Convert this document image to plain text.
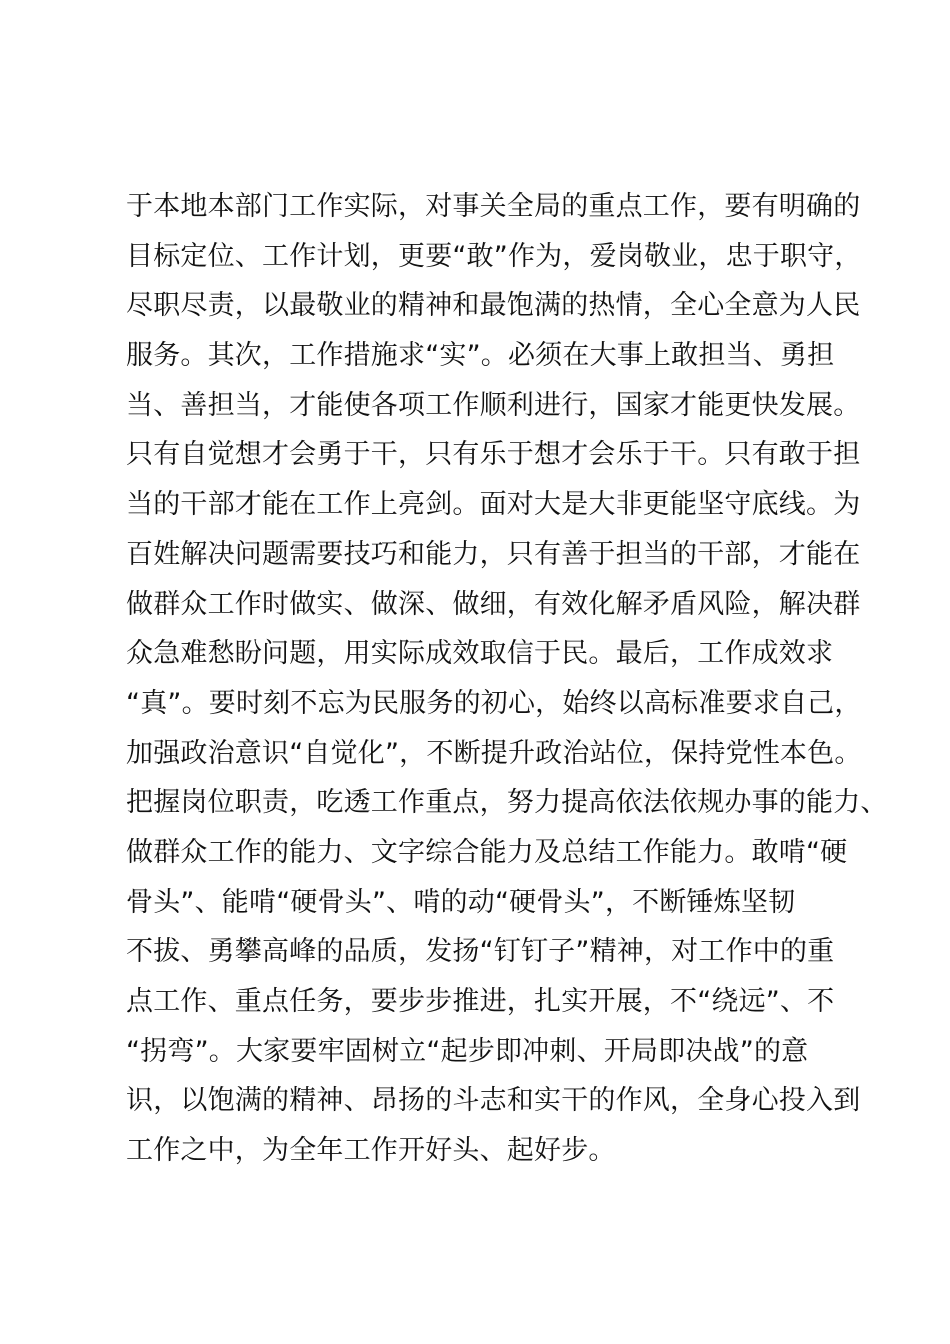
于本地本部门工作实际，对事关全局的重点工作，要有明确的
目标定位、工作计划，更要“敢”作为，爱岗敬业，忠于职守，
尽职尽责，以最敬业的精神和最饱满的热情，全心全意为人民
服务。其次，工作措施求“实”。必须在大事上敢担当、勇担
当、善担当，才能使各项工作顺利进行，国家才能更快发展。
只有自觉想才会勇于干，只有乐于想才会乐于干。只有敢于担
当的干部才能在工作上亮剑。面对大是大非更能坚守底线。为
百姓解决问题需要技巧和能力，只有善于担当的干部，才能在
做群众工作时做实、做深、做细，有效化解矛盾风险，解决群
众急难愁盼问题，用实际成效取信于民。最后，工作成效求
“真”。要时刻不忘为民服务的初心，始终以高标准要求自己，
加强政治意识“自觉化”，不断提升政治站位，保持党性本色。
把握岗位职责，吃透工作重点，努力提高依法依规办事的能力、
做群众工作的能力、文字综合能力及总结工作能力。敢啃“硬
骨头”、能啃“硬骨头”、啃的动“硬骨头”，不断锤炼坚韧
不拔、勇攀高峰的品质，发扬“钉钉子”精神，对工作中的重
点工作、重点任务，要步步推进，扎实开展，不“绕远”、不
“拐弯”。大家要牢固树立“起步即冲刺、开局即决战”的意
识，以饱满的精神、昂扬的斗志和实干的作风，全身心投入到
工作之中，为全年工作开好头、起好步。
